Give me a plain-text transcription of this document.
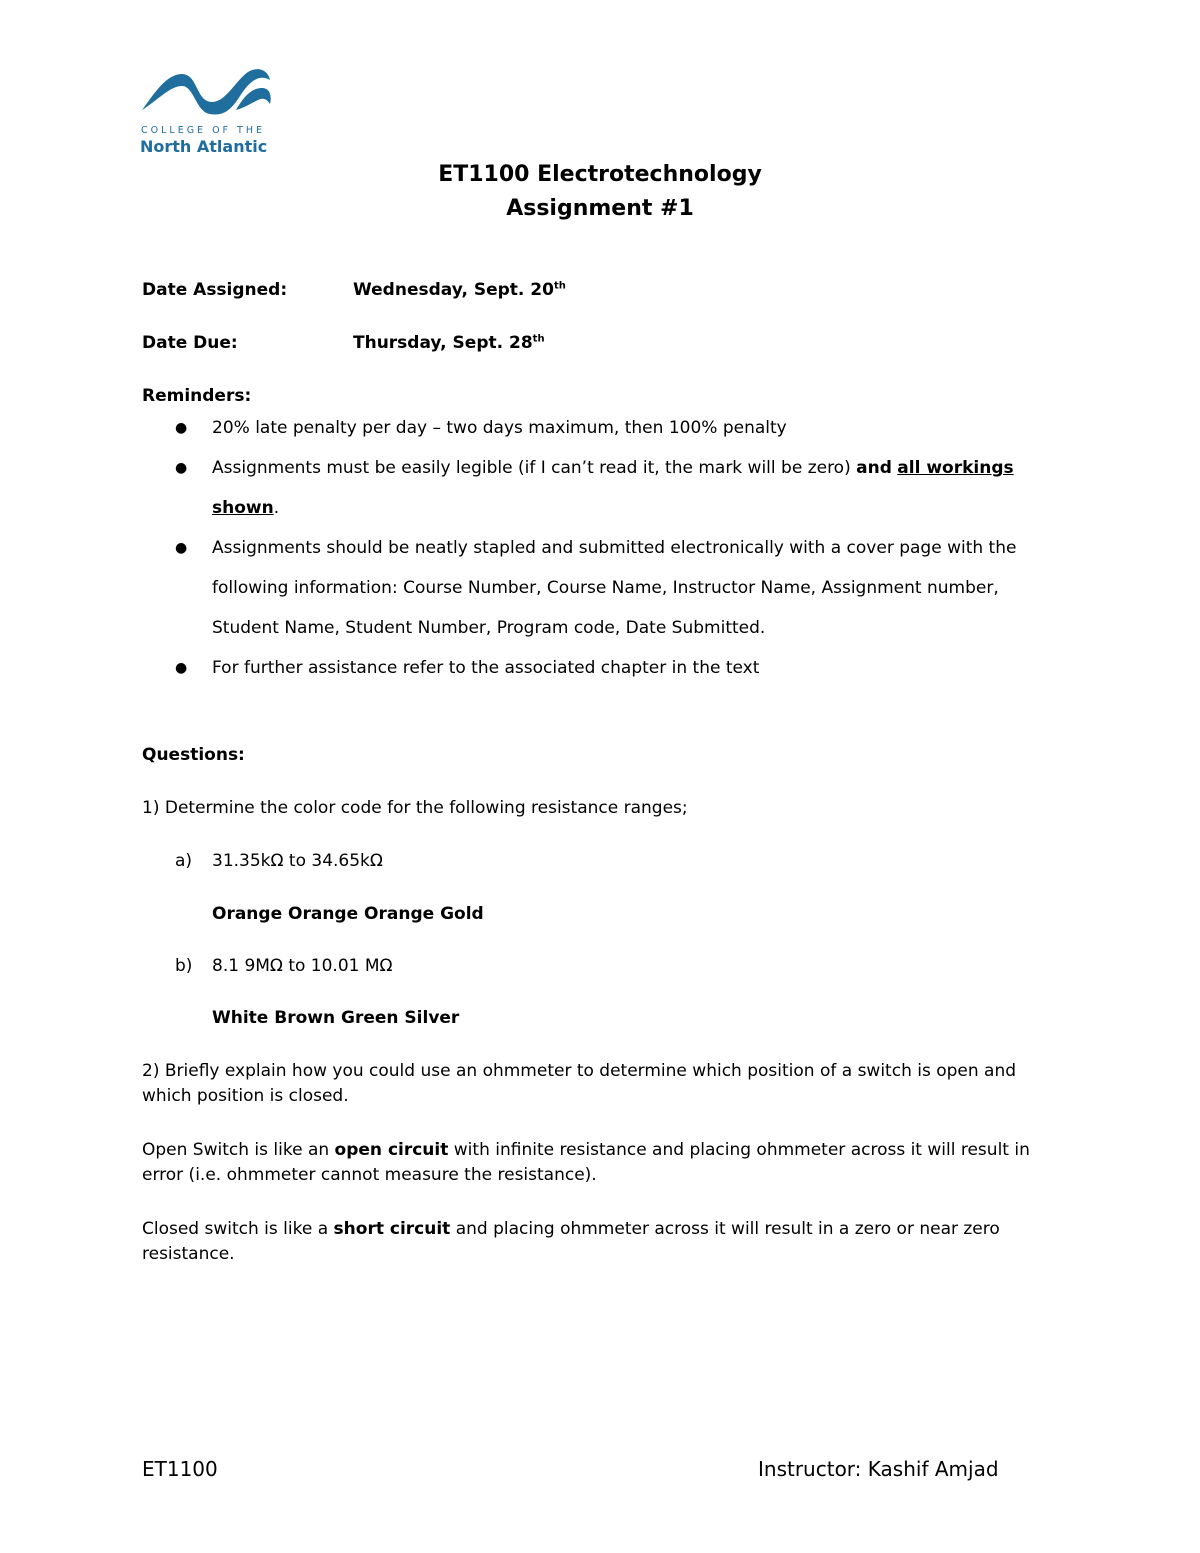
COLLEGE OF THE
North Atlantic
ET1100 Electrotechnology
Assignment #1
Date Assigned:	Wednesday, Sept. 20th
Date Due:	Thursday, Sept. 28th
Reminders:
● 20% late penalty per day – two days maximum, then 100% penalty
● Assignments must be easily legible (if I can’t read it, the mark will be zero) and all workings shown.
● Assignments should be neatly stapled and submitted electronically with a cover page with the following information: Course Number, Course Name, Instructor Name, Assignment number, Student Name, Student Number, Program code, Date Submitted.
● For further assistance refer to the associated chapter in the text
Questions:
1) Determine the color code for the following resistance ranges;
a) 31.35kΩ to 34.65kΩ
Orange Orange Orange Gold
b) 8.1 9MΩ to 10.01 MΩ
White Brown Green Silver
2) Briefly explain how you could use an ohmmeter to determine which position of a switch is open and which position is closed.
Open Switch is like an open circuit with infinite resistance and placing ohmmeter across it will result in error (i.e. ohmmeter cannot measure the resistance).
Closed switch is like a short circuit and placing ohmmeter across it will result in a zero or near zero resistance.
ET1100	Instructor: Kashif Amjad
